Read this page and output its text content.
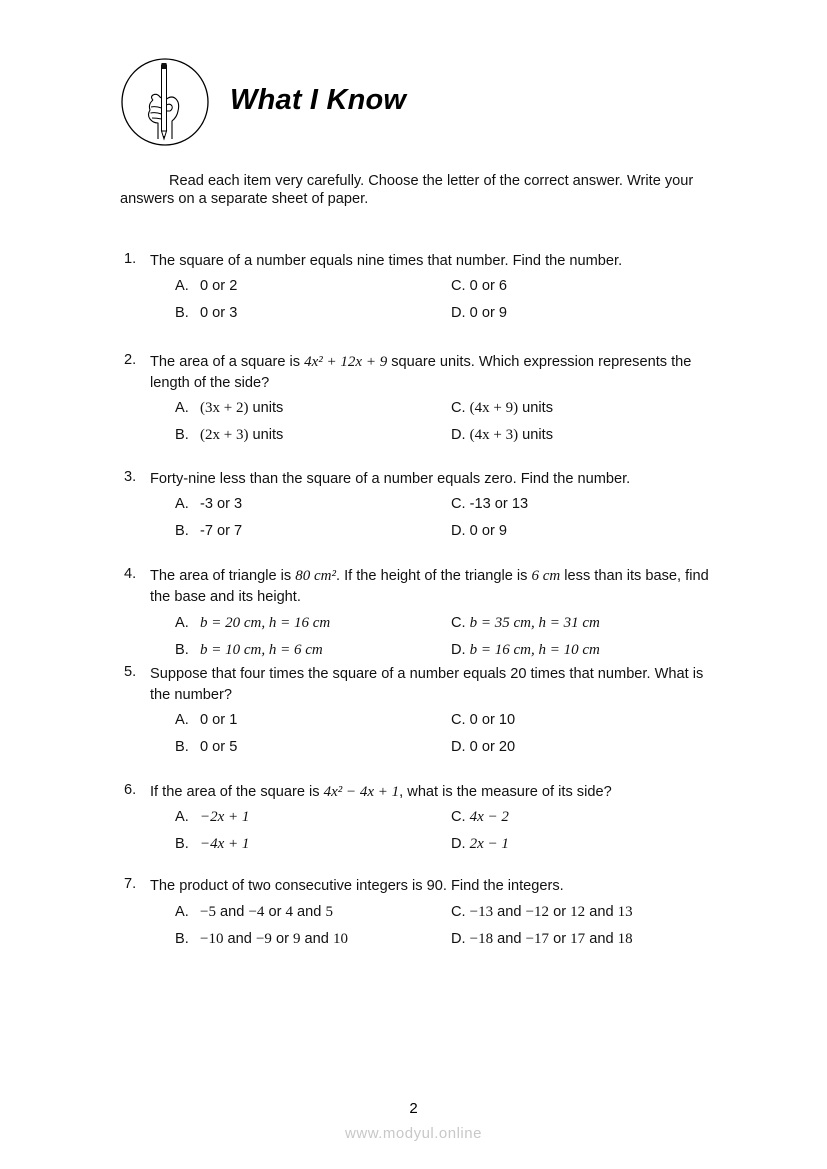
What I Know
Read each item very carefully. Choose the letter of the correct answer. Write your answers on a separate sheet of paper.
1. The square of a number equals nine times that number. Find the number.
A. 0 or 2
B. 0 or 3
C. 0 or 6
D. 0 or 9
2. The area of a square is 4x² + 12x + 9 square units. Which expression represents the length of the side?
A. (3x + 2) units
B. (2x + 3) units
C. (4x + 9) units
D. (4x + 3) units
3. Forty-nine less than the square of a number equals zero. Find the number.
A. -3 or 3
B. -7 or 7
C. -13 or 13
D. 0 or 9
4. The area of triangle is 80 cm². If the height of the triangle is 6 cm less than its base, find the base and its height.
A. b = 20 cm, h = 16 cm
B. b = 10 cm, h = 6 cm
C. b = 35 cm, h = 31 cm
D. b = 16 cm, h = 10 cm
5. Suppose that four times the square of a number equals 20 times that number. What is the number?
A. 0 or 1
B. 0 or 5
C. 0 or 10
D. 0 or 20
6. If the area of the square is 4x² − 4x + 1, what is the measure of its side?
A. −2x + 1
B. −4x + 1
C. 4x − 2
D. 2x − 1
7. The product of two consecutive integers is 90. Find the integers.
A. −5 and −4 or 4 and 5
B. −10 and −9 or 9 and 10
C. −13 and −12 or 12 and 13
D. −18 and −17 or 17 and 18
2
www.modyul.online
